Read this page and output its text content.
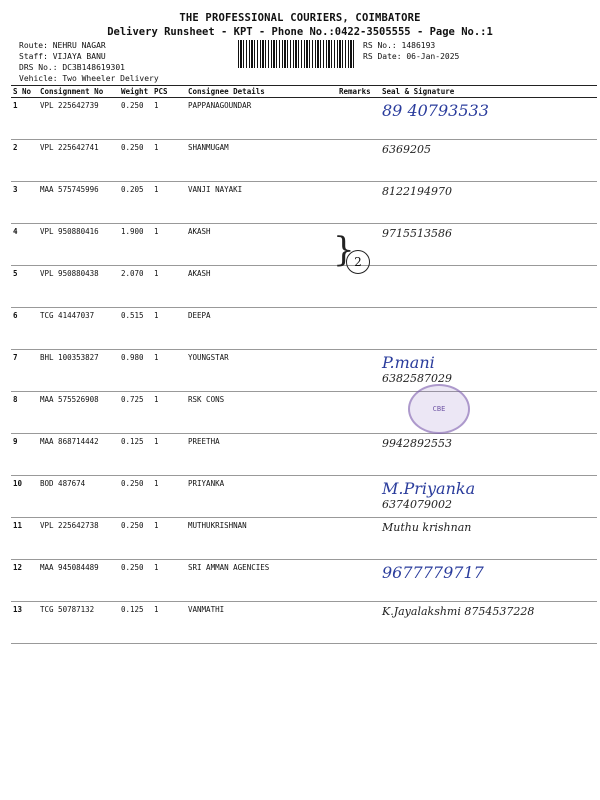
THE PROFESSIONAL COURIERS, COIMBATORE
Delivery Runsheet - KPT - Phone No.:0422-3505555 - Page No.:1
Route: NEHRU NAGAR
Staff: VIJAYA BANU
DRS No.: DC3B148619301
Vehicle: Two Wheeler Delivery
RS No.: 1486193
RS Date: 06-Jan-2025
S No	Consignment No	Weight	PCS	Consignee Details	Remarks	Seal & Signature
1	VPL 225642739	0.250	1	PAPPANAGOUNDAR		89 40793533

2	VPL 225642741	0.250	1	SHANMUGAM		6369205

3	MAA 575745996	0.205	1	VANJI NAYAKI		8122194970

4	VPL 950880416	1.900	1	AKASH		9715513586

5	VPL 950880438	2.070	1	AKASH		

6	TCG 41447037	0.515	1	DEEPA		

7	BHL 100353827	0.980	1	YOUNGSTAR		P.mani
6382587029

8	MAA 575526908	0.725	1	RSK CONS		

9	MAA 868714442	0.125	1	PREETHA		9942892553

10	BOD 487674	0.250	1	PRIYANKA		M.Priyanka
6374079002

11	VPL 225642738	0.250	1	MUTHUKRISHNAN		Muthu krishnan

12	MAA 945084489	0.250	1	SRI AMMAN AGENCIES		9677779717

13	TCG 50787132	0.125	1	VANMATHI		K.Jayalakshmi 8754537228
} 2
CBE
